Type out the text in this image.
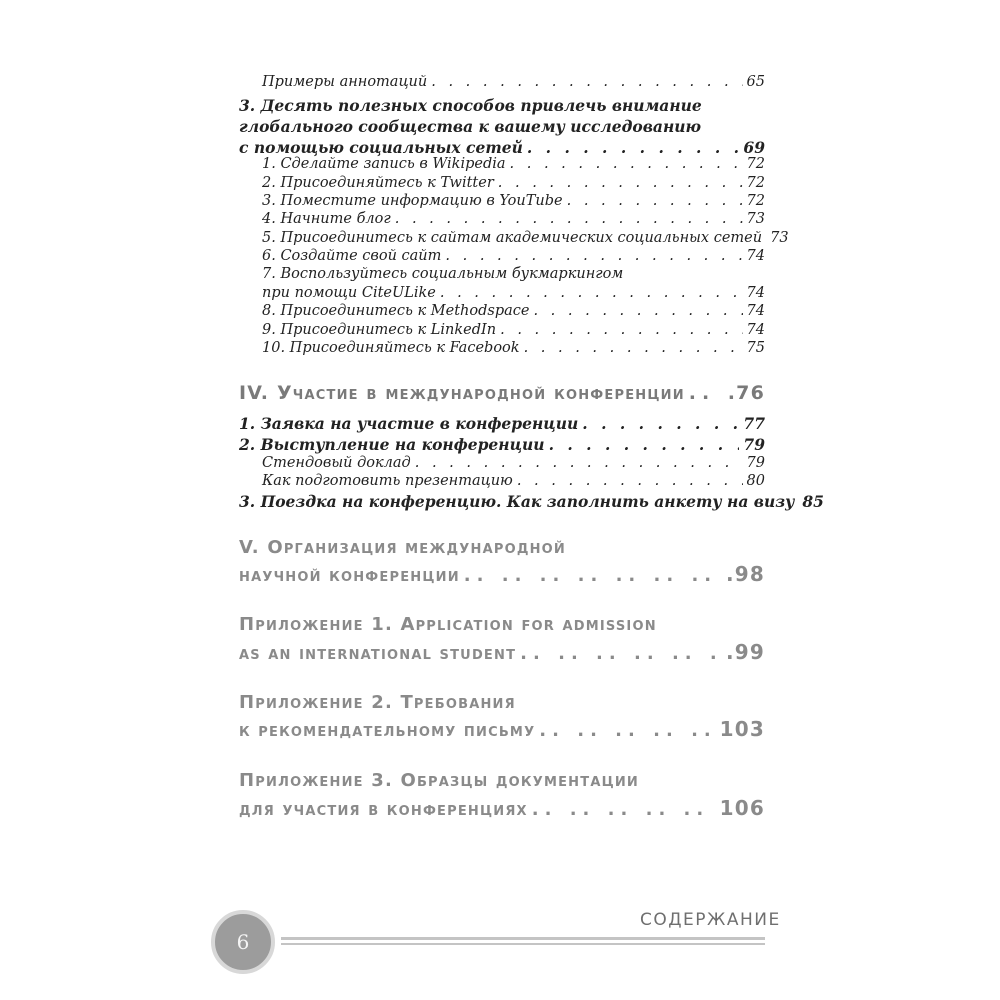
Примеры аннотаций . . .	65
3. Десять полезных способов привлечь внимание
глобального сообщества к вашему исследованию
с помощью социальных сетей . . .	69
1. Сделайте запись в Wikipedia . . .	72
2. Присоединяйтесь к Twitter . . .	72
3. Поместите информацию в YouTube . . .	72
4. Начните блог . . .	73
5. Присоединитесь к сайтам академических социальных сетей 73
6. Создайте свой сайт . . .	74
7. Воспользуйтесь социальным букмаркингом
при помощи CiteULike . . .	74
8. Присоединитесь к Methodspace . . .	74
9. Присоединитесь к LinkedIn . . .	74
10. Присоединяйтесь к Facebook . . .	75
IV. Участие в международной конференции .. .. .76
1. Заявка на участие в конференции . . .	77
2. Выступление на конференции . . .	79
Стендовый доклад . . .	79
Как подготовить презентацию . . .	80
3. Поездка на конференцию. Как заполнить анкету на визу 85
V. Организация международной
научной конференции .. ..	.98
Приложение 1. Application for admission
as an international student .. ..	.99
Приложение 2. Требования
к рекомендательному письму .. ..	103
Приложение 3. Образцы документации
для участия в конференциях .. ..	106
6
СОДЕРЖАНИЕ
